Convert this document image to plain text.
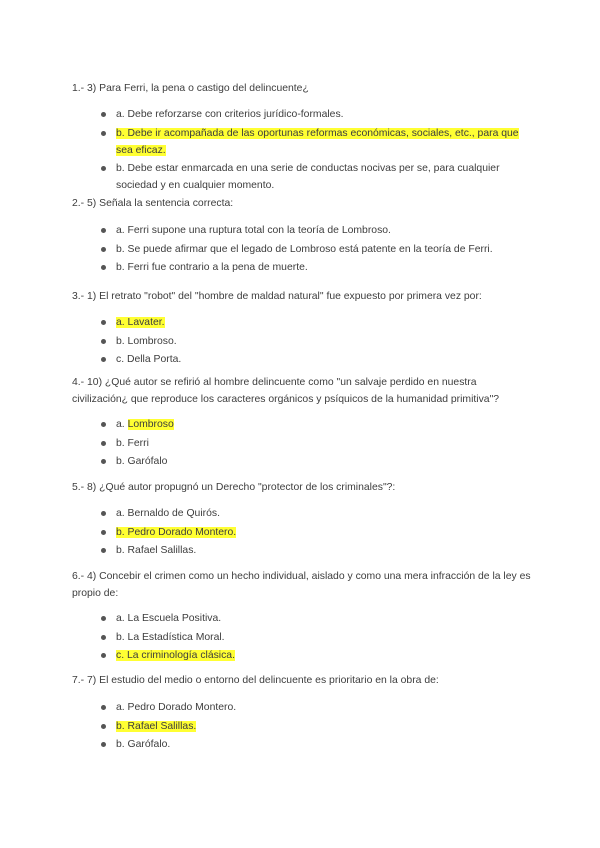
1.- 3) Para Ferri, la pena o castigo del delincuente¿

a. Debe reforzarse con criterios jurídico-formales.
b. Debe ir acompañada de las oportunas reformas económicas, sociales, etc., para que sea eficaz.
b. Debe estar enmarcada en una serie de conductas nocivas per se, para cualquier sociedad y en cualquier momento.

2.- 5) Señala la sentencia correcta:

a. Ferri supone una ruptura total con la teoría de Lombroso.
b. Se puede afirmar que el legado de Lombroso está patente en la teoría de Ferri.
b. Ferri fue contrario a la pena de muerte.

3.- 1) El retrato "robot" del "hombre de maldad natural" fue expuesto por primera vez por:

a. Lavater.
b. Lombroso.
c. Della Porta.

4.- 10) ¿Qué autor se refirió al hombre delincuente como "un salvaje perdido en nuestra civilización¿ que reproduce los caracteres orgánicos y psíquicos de la humanidad primitiva"?

a. Lombroso
b. Ferri
b. Garófalo

5.- 8) ¿Qué autor propugnó un Derecho "protector de los criminales"?:

a. Bernaldo de Quirós.
b. Pedro Dorado Montero.
b. Rafael Salillas.

6.- 4) Concebir el crimen como un hecho individual, aislado y como una mera infracción de la ley es propio de:

a. La Escuela Positiva.
b. La Estadística Moral.
c. La criminología clásica.

7.- 7) El estudio del medio o entorno del delincuente es prioritario en la obra de:

a. Pedro Dorado Montero.
b. Rafael Salillas.
b. Garófalo.
